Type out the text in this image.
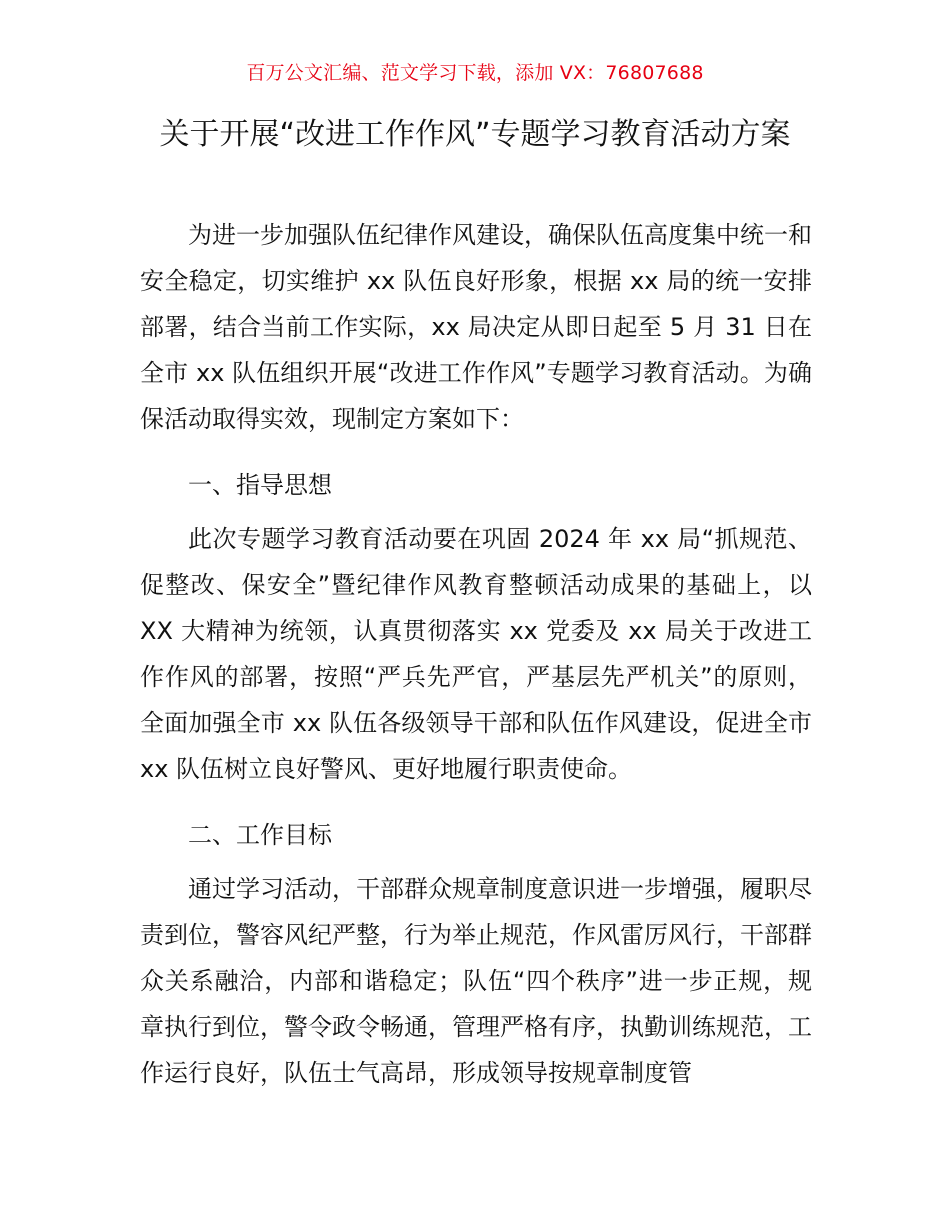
百万公文汇编、范文学习下载，添加 VX：76807688
关于开展“改进工作作风”专题学习教育活动方案

为进一步加强队伍纪律作风建设，确保队伍高度集中统一和安全稳定，切实维护 xx 队伍良好形象，根据 xx 局的统一安排部署，结合当前工作实际，xx 局决定从即日起至 5 月 31 日在全市 xx 队伍组织开展“改进工作作风”专题学习教育活动。为确保活动取得实效，现制定方案如下：

一、指导思想

此次专题学习教育活动要在巩固 2024 年 xx 局“抓规范、促整改、保安全”暨纪律作风教育整顿活动成果的基础上，以 XX 大精神为统领，认真贯彻落实 xx 党委及 xx 局关于改进工作作风的部署，按照“严兵先严官，严基层先严机关”的原则，全面加强全市 xx 队伍各级领导干部和队伍作风建设，促进全市 xx 队伍树立良好警风、更好地履行职责使命。

二、工作目标

通过学习活动，干部群众规章制度意识进一步增强，履职尽责到位，警容风纪严整，行为举止规范，作风雷厉风行，干部群众关系融洽，内部和谐稳定；队伍“四个秩序”进一步正规，规章执行到位，警令政令畅通，管理严格有序，执勤训练规范，工作运行良好，队伍士气高昂，形成领导按规章制度管
